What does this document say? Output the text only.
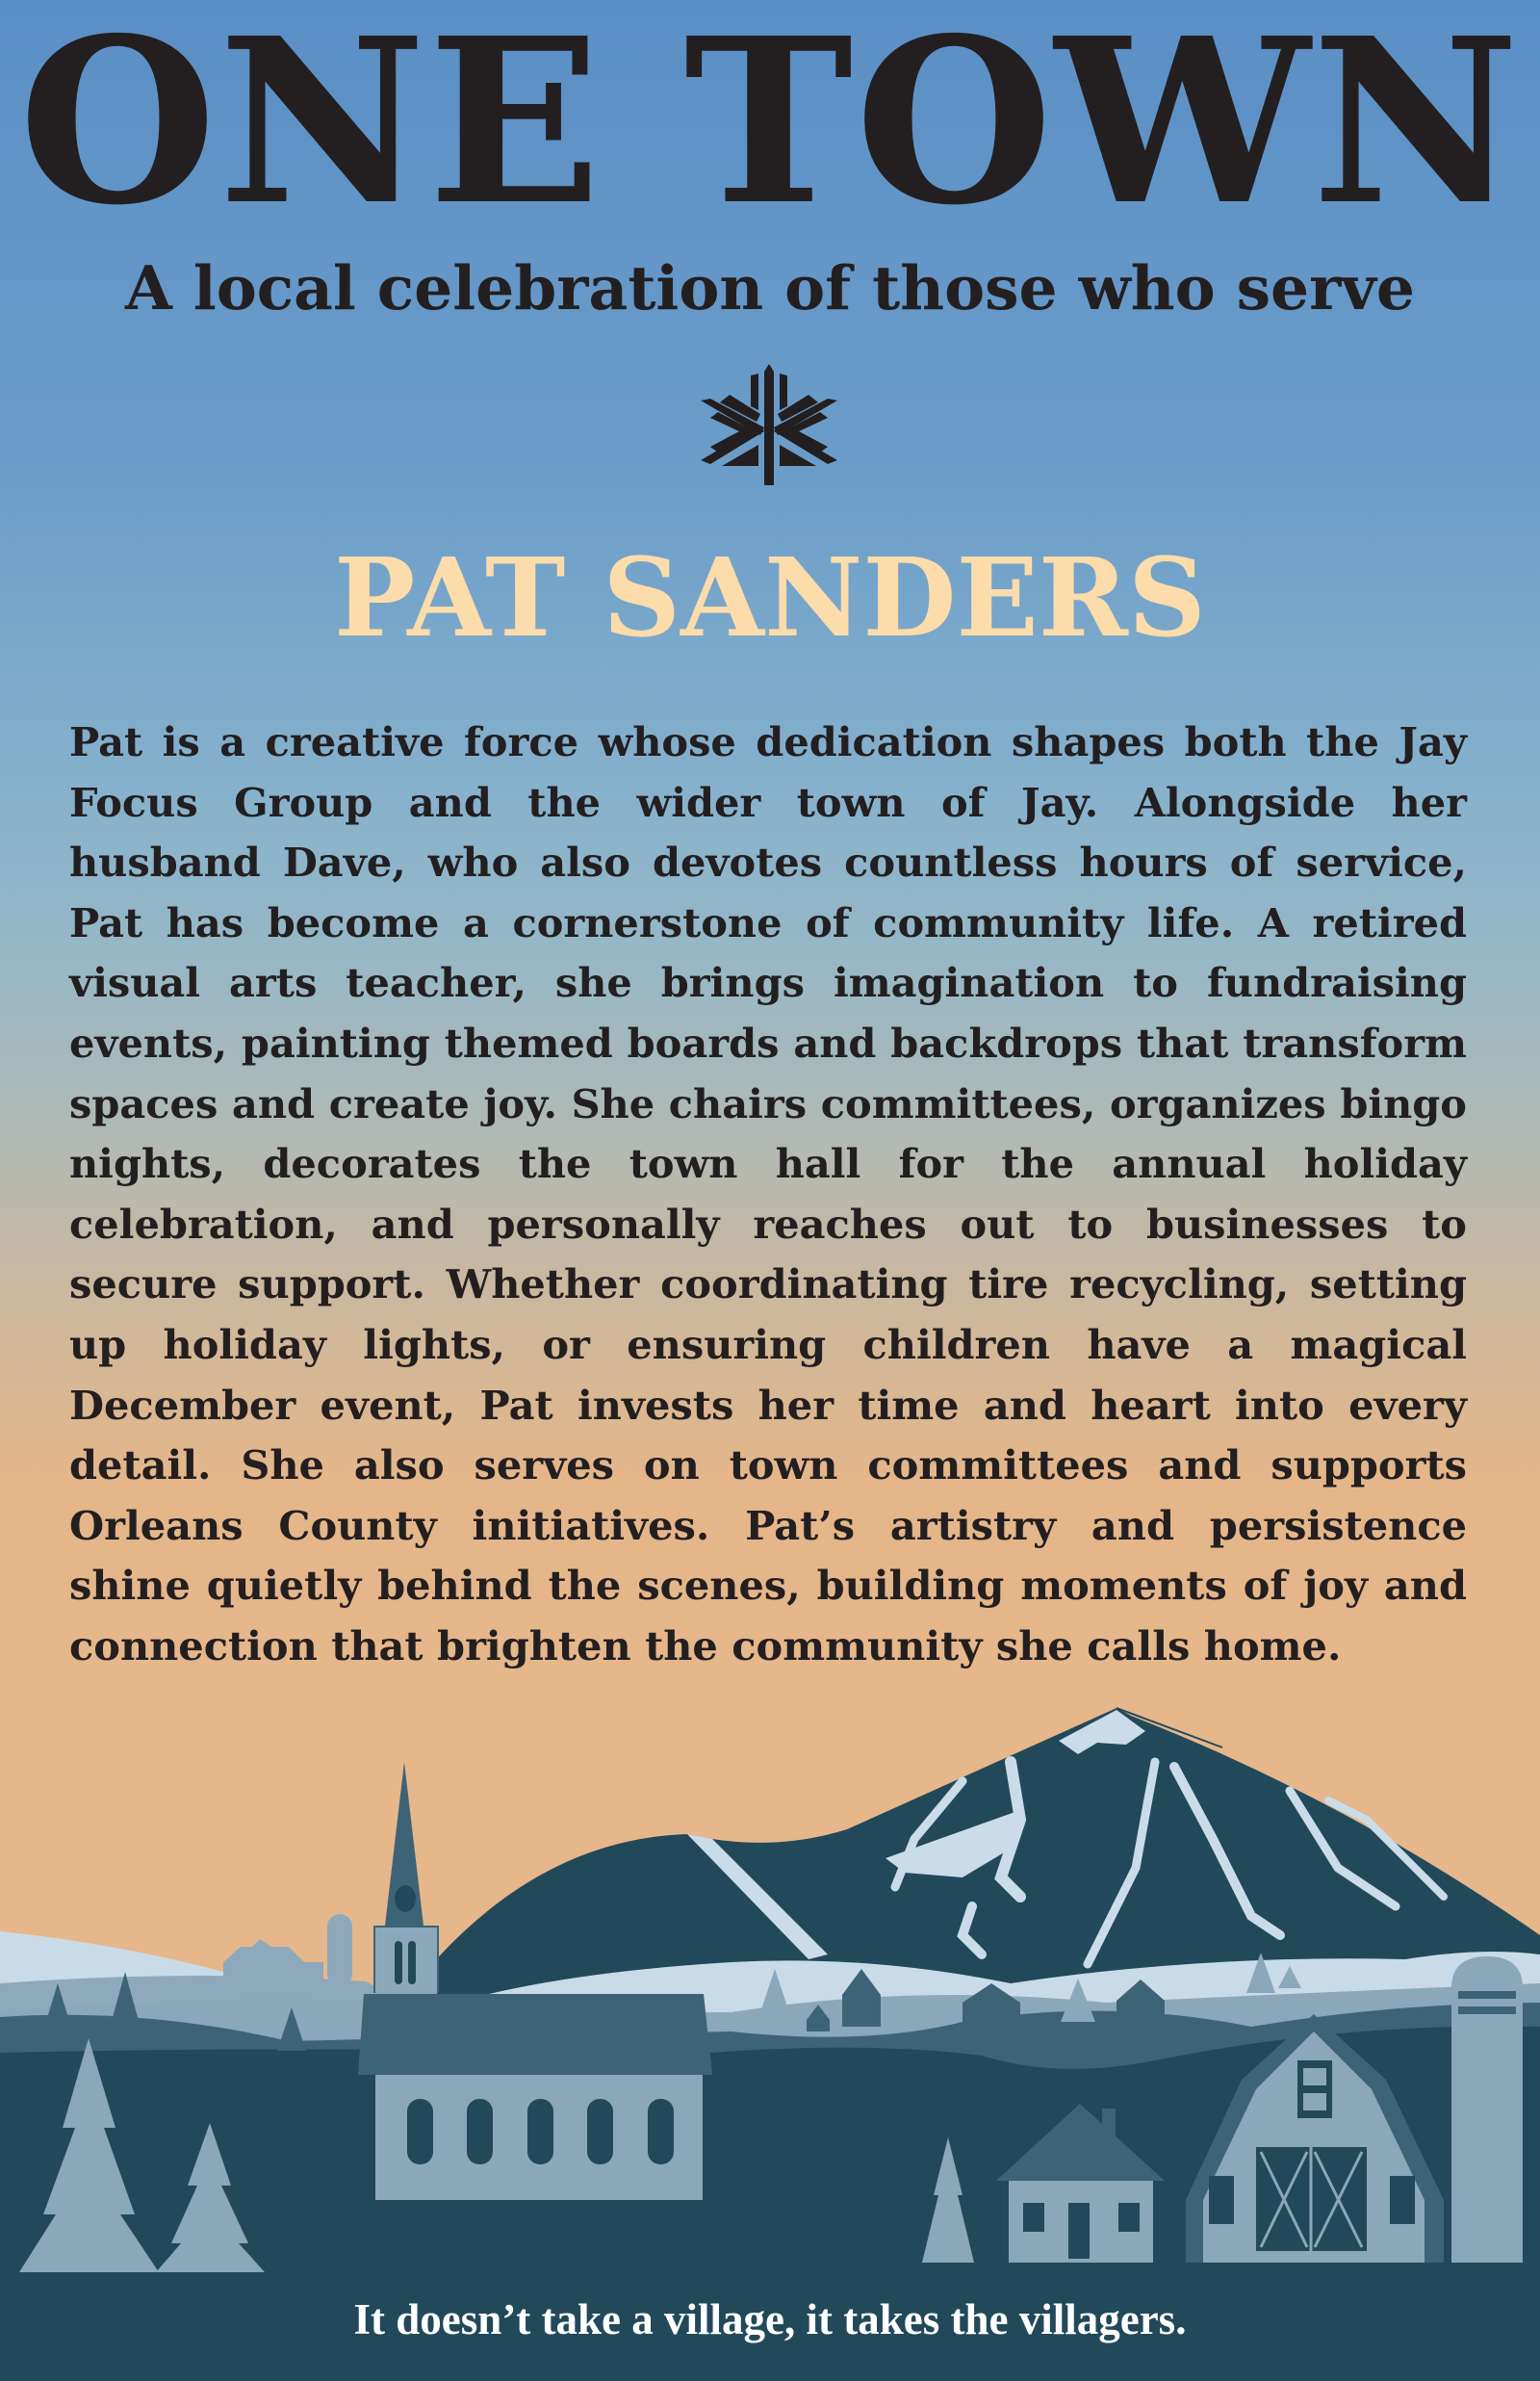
ONE TOWN
A local celebration of those who serve
PAT SANDERS
Pat is a creative force whose dedication shapes both the Jay Focus Group and the wider town of Jay. Alongside her husband Dave, who also devotes countless hours of service, Pat has become a cornerstone of community life. A retired visual arts teacher, she brings imagination to fundraising events, painting themed boards and backdrops that transform spaces and create joy. She chairs committees, organizes bingo nights, decorates the town hall for the annual holiday celebration, and personally reaches out to businesses to secure support. Whether coordinating tire recycling, setting up holiday lights, or ensuring children have a magical December event, Pat invests her time and heart into every detail. She also serves on town committees and supports Orleans County initiatives. Pat’s artistry and persistence shine quietly behind the scenes, building moments of joy and connection that brighten the community she calls home.
It doesn’t take a village, it takes the villagers.
